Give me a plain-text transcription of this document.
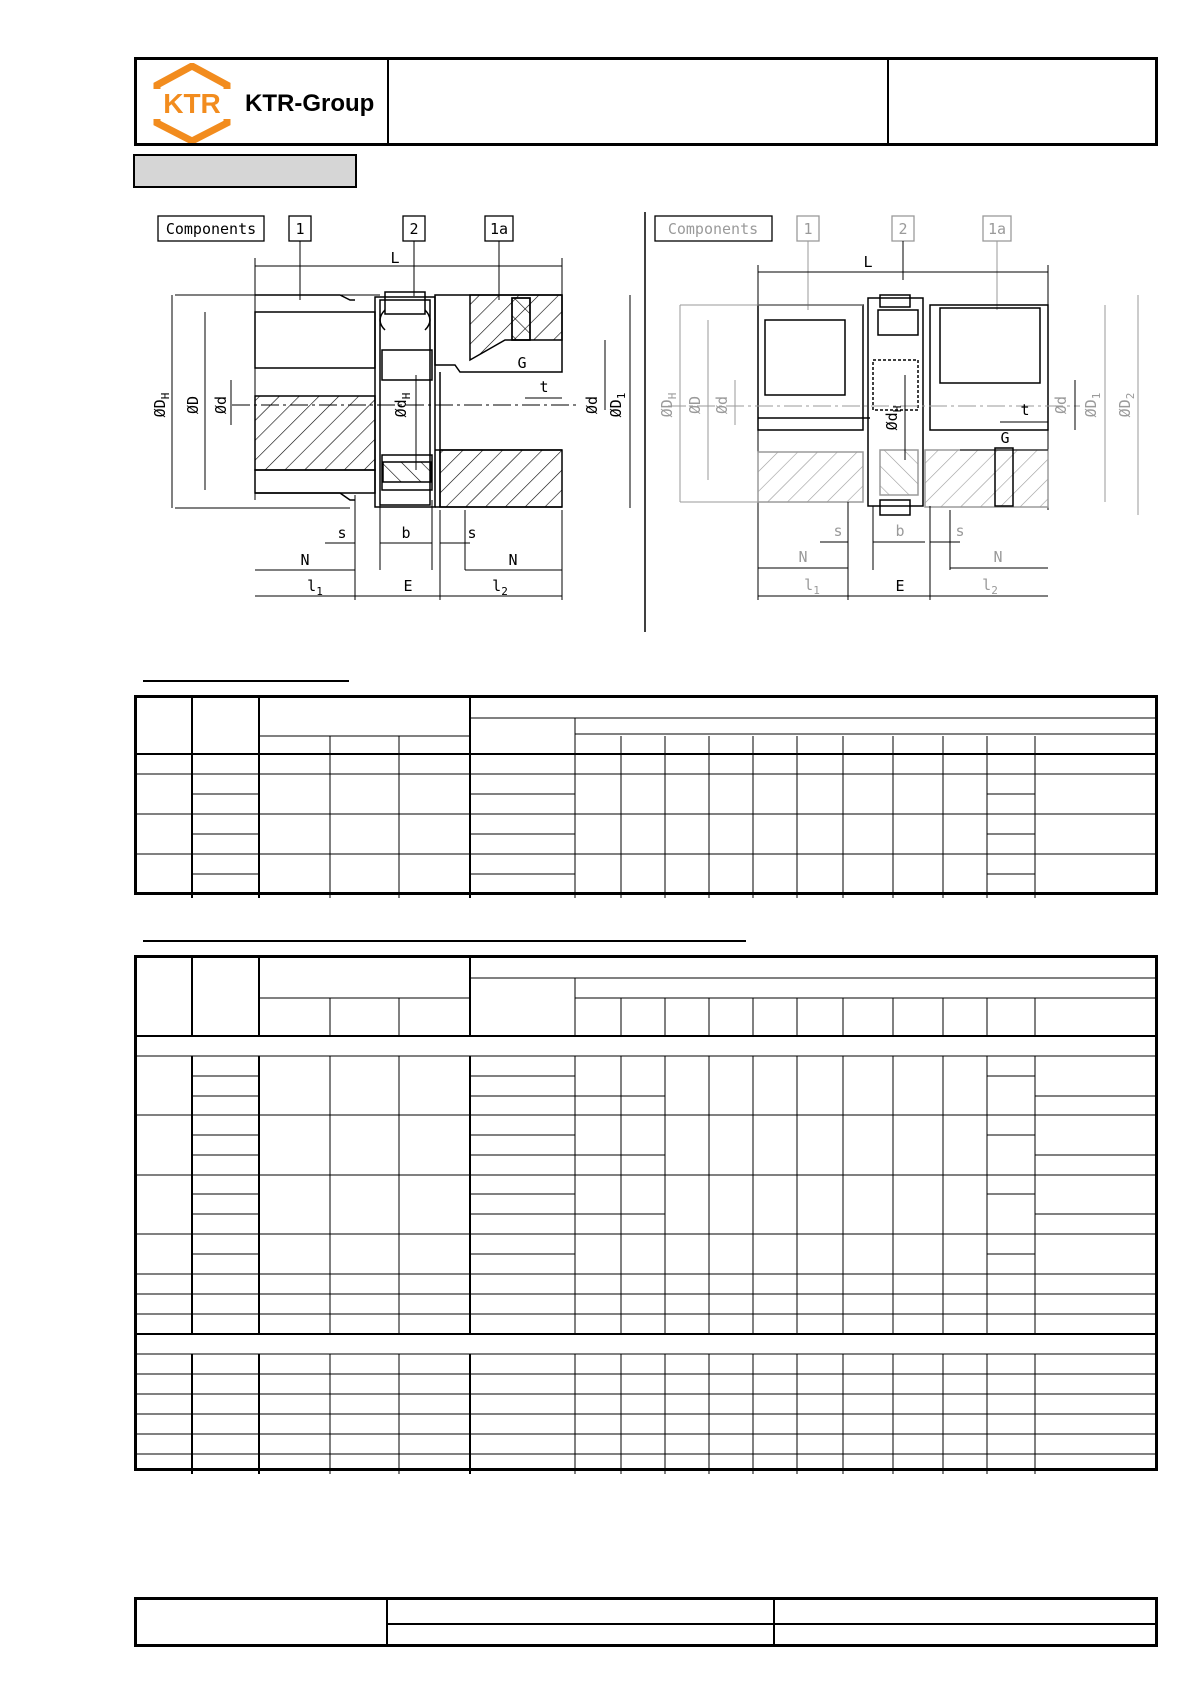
KTR KTR-Group
Components	1	2	1a
L
$ØD_H$ ØD Ød	$Ød_H$	Ød $ØD_1$
G
t
s	b	s
N	N
$l_1$	E	$l_2$
Components	1	2	1a
L
$ØD_H$ ØD Ød
$Ød_H$	Ød $ØD_1$
$ØD_2$
G
t
s	b	s
N	N
$l_1$	E	$l_2$
